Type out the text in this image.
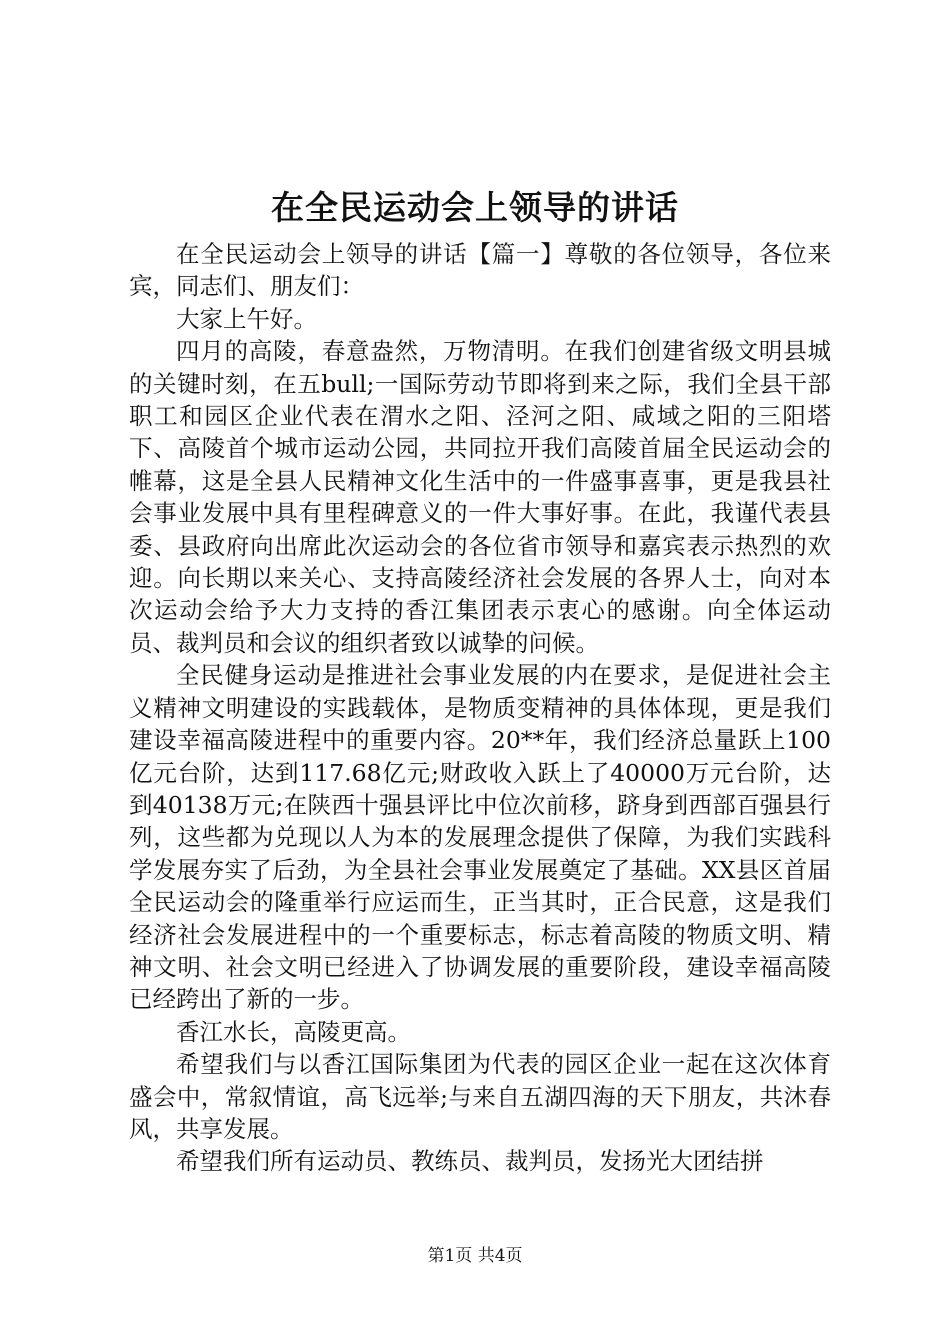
在全民运动会上领导的讲话

在全民运动会上领导的讲话【篇一】尊敬的各位领导，各位来宾，同志们、朋友们：

大家上午好。

四月的高陵，春意盎然，万物清明。在我们创建省级文明县城的关键时刻，在五bull;一国际劳动节即将到来之际，我们全县干部职工和园区企业代表在渭水之阳、泾河之阳、咸域之阳的三阳塔下、高陵首个城市运动公园，共同拉开我们高陵首届全民运动会的帷幕，这是全县人民精神文化生活中的一件盛事喜事，更是我县社会事业发展中具有里程碑意义的一件大事好事。在此，我谨代表县委、县政府向出席此次运动会的各位省市领导和嘉宾表示热烈的欢迎。向长期以来关心、支持高陵经济社会发展的各界人士，向对本次运动会给予大力支持的香江集团表示衷心的感谢。向全体运动员、裁判员和会议的组织者致以诚挚的问候。

全民健身运动是推进社会事业发展的内在要求，是促进社会主义精神文明建设的实践载体，是物质变精神的具体体现，更是我们建设幸福高陵进程中的重要内容。20**年，我们经济总量跃上100亿元台阶，达到117.68亿元;财政收入跃上了40000万元台阶，达到40138万元;在陕西十强县评比中位次前移，跻身到西部百强县行列，这些都为兑现以人为本的发展理念提供了保障，为我们实践科学发展夯实了后劲，为全县社会事业发展奠定了基础。XX县区首届全民运动会的隆重举行应运而生，正当其时，正合民意，这是我们经济社会发展进程中的一个重要标志，标志着高陵的物质文明、精神文明、社会文明已经进入了协调发展的重要阶段，建设幸福高陵已经跨出了新的一步。

香江水长，高陵更高。

希望我们与以香江国际集团为代表的园区企业一起在这次体育盛会中，常叙情谊，高飞远举;与来自五湖四海的天下朋友，共沐春风，共享发展。

希望我们所有运动员、教练员、裁判员，发扬光大团结拼

第1页 共4页
